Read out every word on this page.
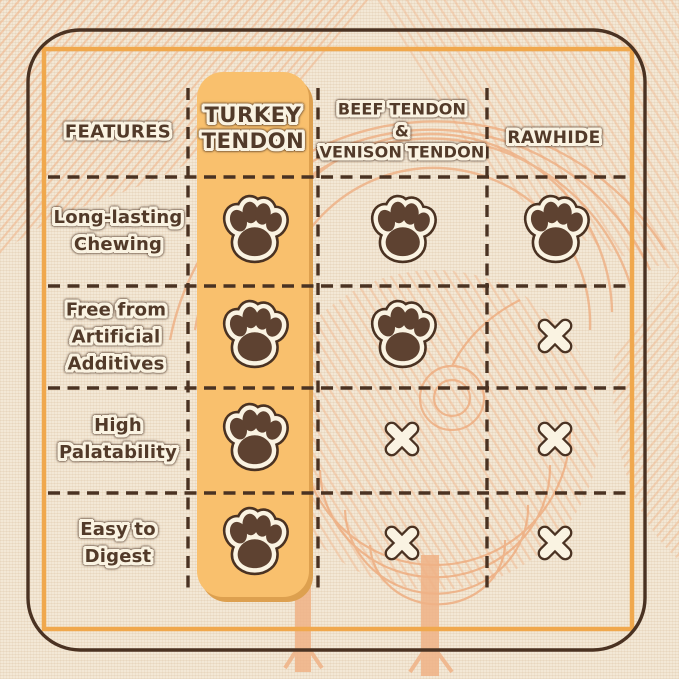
FEATURES
TURKEY
TENDON
BEEF TENDON
&
VENISON TENDON
RAWHIDE
Long-lasting
Chewing
Free from
Artificial
Additives
High
Palatability
Easy to
Digest
